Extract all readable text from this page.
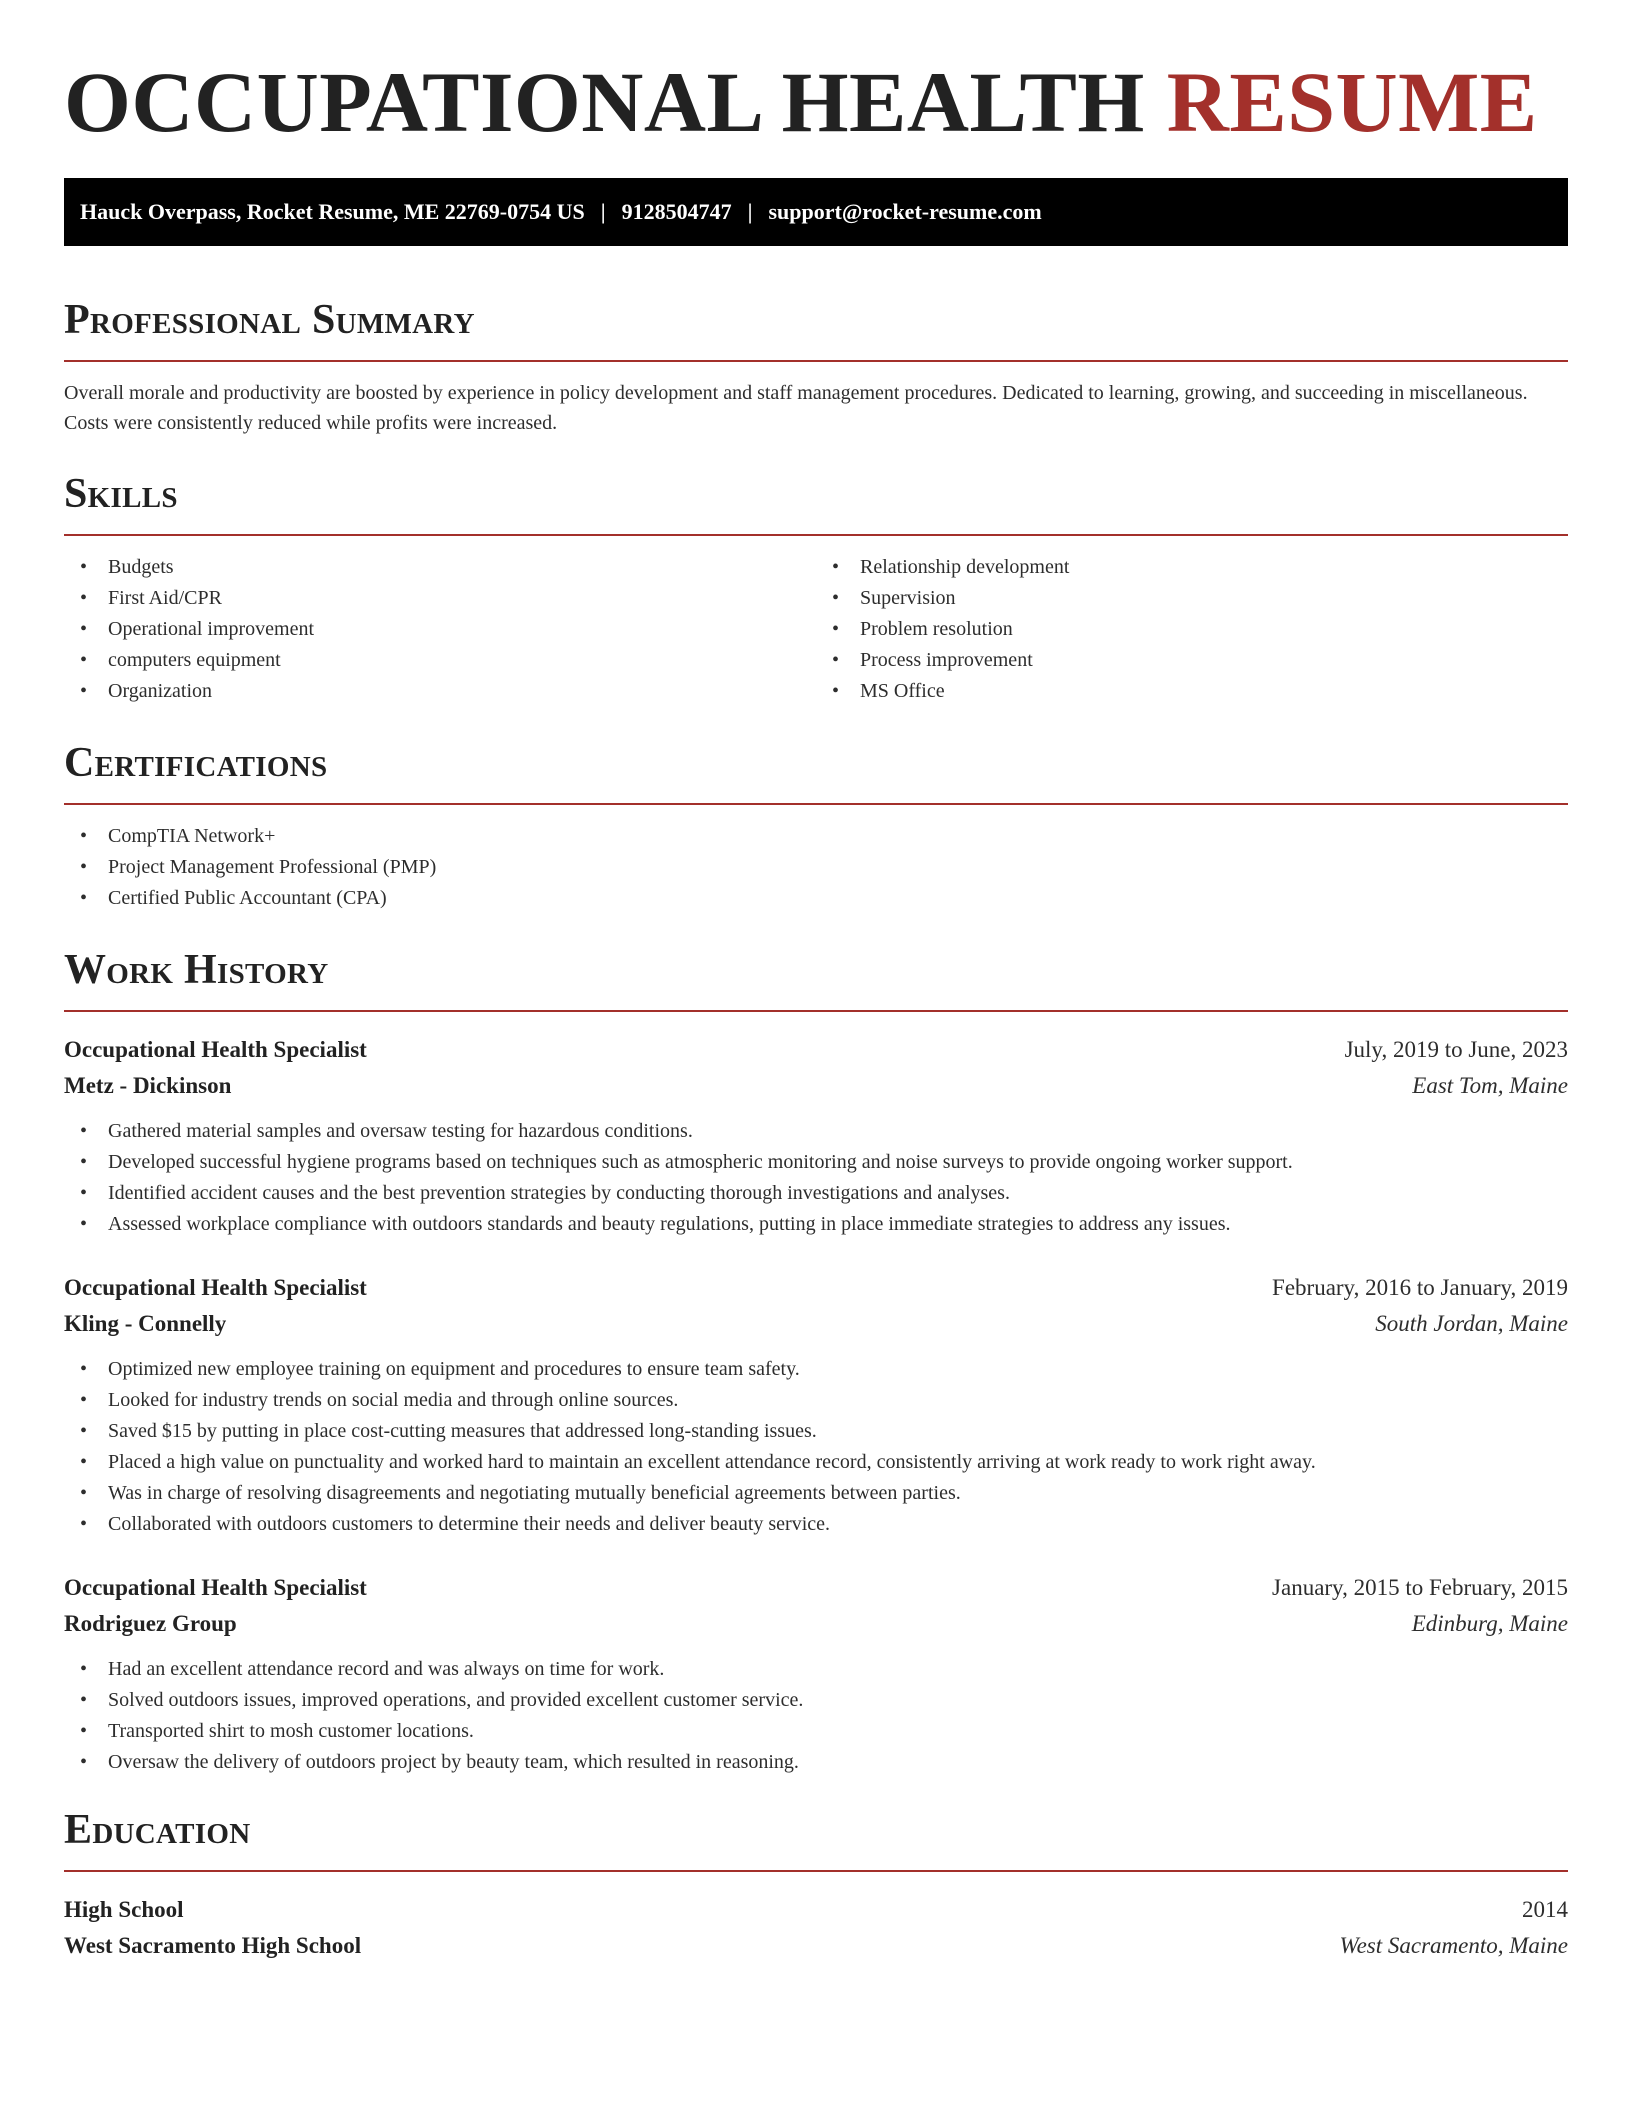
OCCUPATIONAL HEALTH RESUME
Hauck Overpass, Rocket Resume, ME 22769-0754 US | 9128504747 | support@rocket-resume.com
Professional Summary

Overall morale and productivity are boosted by experience in policy development and staff management procedures. Dedicated to learning, growing, and succeeding in miscellaneous. Costs were consistently reduced while profits were increased.

Skills
• Budgets
• First Aid/CPR
• Operational improvement
• computers equipment
• Organization
• Relationship development
• Supervision
• Problem resolution
• Process improvement
• MS Office
Certifications
• CompTIA Network+
• Project Management Professional (PMP)
• Certified Public Accountant (CPA)
Work History
Occupational Health Specialist	July, 2019 to June, 2023
Metz - Dickinson	East Tom, Maine
• Gathered material samples and oversaw testing for hazardous conditions.
• Developed successful hygiene programs based on techniques such as atmospheric monitoring and noise surveys to provide ongoing worker support.
• Identified accident causes and the best prevention strategies by conducting thorough investigations and analyses.
• Assessed workplace compliance with outdoors standards and beauty regulations, putting in place immediate strategies to address any issues.
Occupational Health Specialist	February, 2016 to January, 2019
Kling - Connelly	South Jordan, Maine
• Optimized new employee training on equipment and procedures to ensure team safety.
• Looked for industry trends on social media and through online sources.
• Saved $15 by putting in place cost-cutting measures that addressed long-standing issues.
• Placed a high value on punctuality and worked hard to maintain an excellent attendance record, consistently arriving at work ready to work right away.
• Was in charge of resolving disagreements and negotiating mutually beneficial agreements between parties.
• Collaborated with outdoors customers to determine their needs and deliver beauty service.
Occupational Health Specialist	January, 2015 to February, 2015
Rodriguez Group	Edinburg, Maine
• Had an excellent attendance record and was always on time for work.
• Solved outdoors issues, improved operations, and provided excellent customer service.
• Transported shirt to mosh customer locations.
• Oversaw the delivery of outdoors project by beauty team, which resulted in reasoning.
Education
High School	2014
West Sacramento High School	West Sacramento, Maine
